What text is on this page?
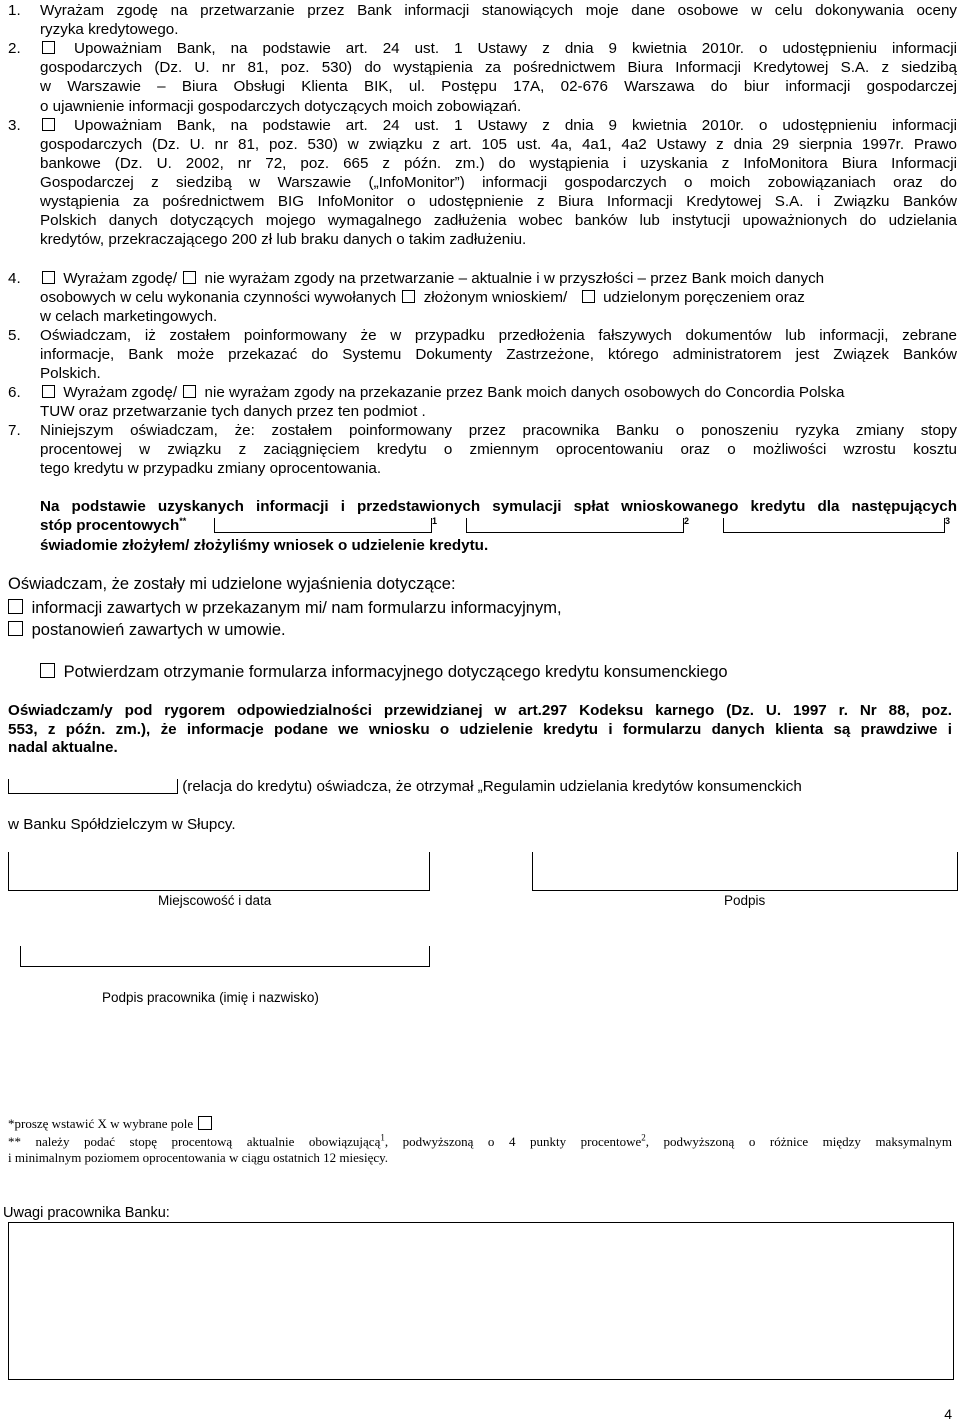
1. Wyrażam zgodę na przetwarzanie przez Bank informacji stanowiących moje dane osobowe w celu dokonywania oceny
ryzyka kredytowego.
2.	Upoważniam Bank, na podstawie art. 24 ust. 1 Ustawy z dnia 9 kwietnia 2010r. o udostępnieniu informacji
gospodarczych (Dz. U. nr 81, poz. 530) do wystąpienia za pośrednictwem Biura Informacji Kredytowej S.A. z siedzibą
w Warszawie – Biura Obsługi Klienta BIK, ul. Postępu 17A, 02-676 Warszawa do biur informacji gospodarczej
o ujawnienie informacji gospodarczych dotyczących moich zobowiązań.
3.	Upoważniam Bank, na podstawie art. 24 ust. 1 Ustawy z dnia 9 kwietnia 2010r. o udostępnieniu informacji
gospodarczych (Dz. U. nr 81, poz. 530) w związku z art. 105 ust. 4a, 4a1, 4a2 Ustawy z dnia 29 sierpnia 1997r. Prawo
bankowe (Dz. U. 2002, nr 72, poz. 665 z późn. zm.) do wystąpienia i uzyskania z InfoMonitora Biura Informacji
Gospodarczej z siedzibą w Warszawie („InfoMonitor”) informacji gospodarczych o moich zobowiązaniach oraz do
wystąpienia za pośrednictwem BIG InfoMonitor o udostępnienie z Biura Informacji Kredytowej S.A. i Związku Banków
Polskich danych dotyczących mojego wymagalnego zadłużenia wobec banków lub instytucji upoważnionych do udzielania
kredytów, przekraczającego 200 zł lub braku danych o takim zadłużeniu.
4.	Wyrażam zgodę/ nie wyrażam zgody na przetwarzanie – aktualnie i w przyszłości – przez Bank moich danych
osobowych w celu wykonania czynności wywołanych złożonym wnioskiem/ udzielonym poręczeniem oraz
w celach marketingowych.
5. Oświadczam, iż zostałem poinformowany że w przypadku przedłożenia fałszywych dokumentów lub informacji, zebrane
informacje, Bank może przekazać do Systemu Dokumenty Zastrzeżone, którego administratorem jest Związek Banków
Polskich.
6.	Wyrażam zgodę/ nie wyrażam zgody na przekazanie przez Bank moich danych osobowych do Concordia Polska
TUW oraz przetwarzanie tych danych przez ten podmiot .
7. Niniejszym oświadczam, że: zostałem poinformowany przez pracownika Banku o ponoszeniu ryzyka zmiany stopy
procentowej w związku z zaciągnięciem kredytu o zmiennym oprocentowaniu oraz o możliwości wzrostu kosztu
tego kredytu w przypadku zmiany oprocentowania.
Na podstawie uzyskanych informacji i przedstawionych symulacji spłat wnioskowanego kredytu dla następujących
stóp procentowych**	$^1$	$^2$	$^3$
świadomie złożyłem/ złożyliśmy wniosek o udzielenie kredytu.
Oświadczam, że zostały mi udzielone wyjaśnienia dotyczące:
informacji zawartych w przekazanym mi/ nam formularzu informacyjnym,
postanowień zawartych w umowie.
Potwierdzam otrzymanie formularza informacyjnego dotyczącego kredytu konsumenckiego
Oświadczam/y pod rygorem odpowiedzialności przewidzianej w art.297 Kodeksu karnego (Dz. U. 1997 r. Nr 88, poz.
553, z późn. zm.), że informacje podane we wniosku o udzielenie kredytu i formularzu danych klienta są prawdziwe i
nadal aktualne.
(relacja do kredytu) oświadcza, że otrzymał „Regulamin udzielania kredytów konsumenckich
w Banku Spółdzielczym w Słupcy.
Miejscowość i data	Podpis
Podpis pracownika (imię i nazwisko)
*proszę wstawić X w wybrane pole
** należy podać stopę procentową aktualnie obowiązującą$^1$, podwyższoną o 4 punkty procentowe$^2$, podwyższoną o różnice między maksymalnym
i minimalnym poziomem oprocentowania w ciągu ostatnich 12 miesięcy.
Uwagi pracownika Banku:
4
